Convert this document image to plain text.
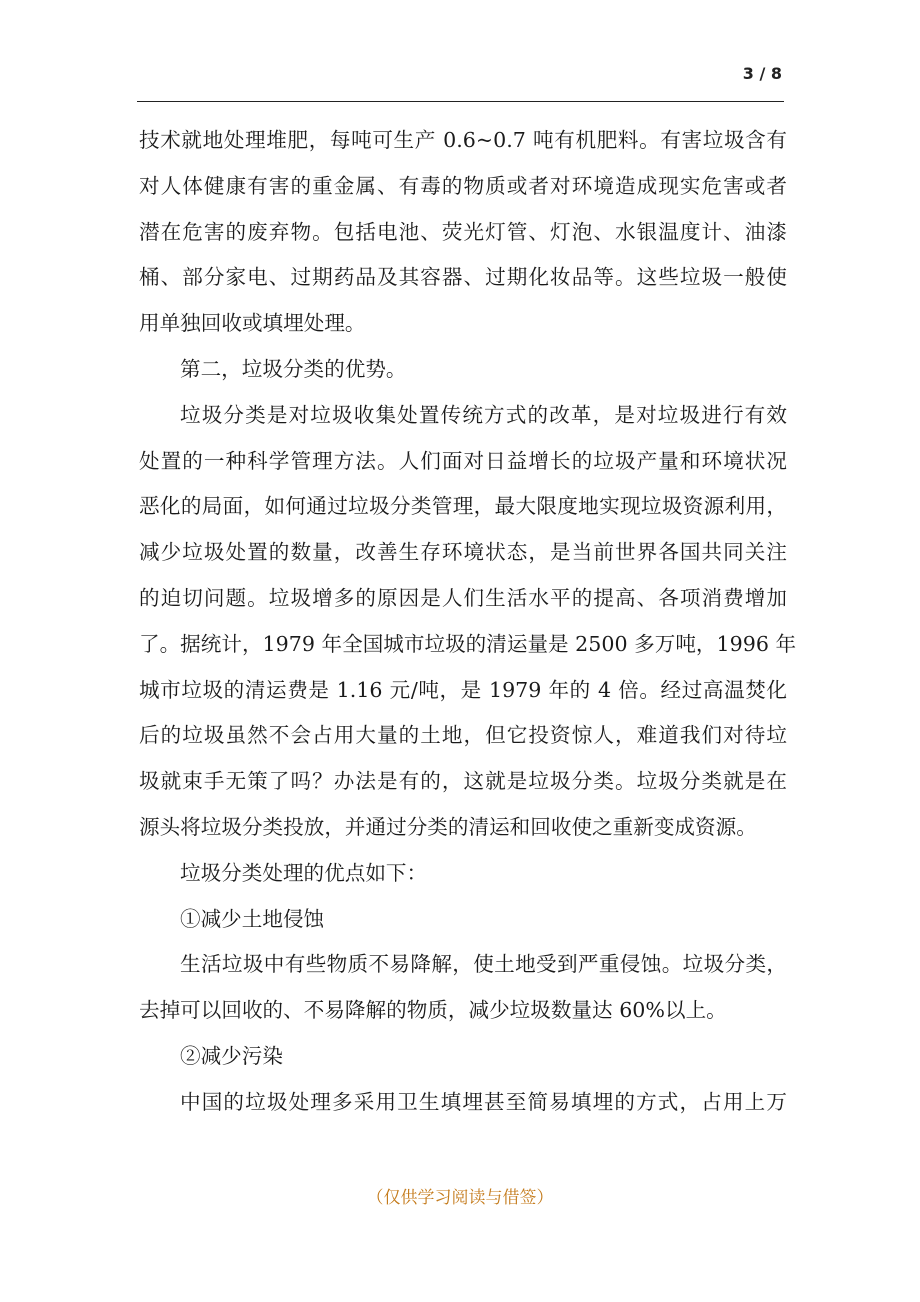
3 / 8
技术就地处理堆肥，每吨可生产 0.6~0.7 吨有机肥料。有害垃圾含有
对人体健康有害的重金属、有毒的物质或者对环境造成现实危害或者
潜在危害的废弃物。包括电池、荧光灯管、灯泡、水银温度计、油漆
桶、部分家电、过期药品及其容器、过期化妆品等。这些垃圾一般使
用单独回收或填埋处理。
第二，垃圾分类的优势。
垃圾分类是对垃圾收集处置传统方式的改革，是对垃圾进行有效
处置的一种科学管理方法。人们面对日益增长的垃圾产量和环境状况
恶化的局面，如何通过垃圾分类管理，最大限度地实现垃圾资源利用，
减少垃圾处置的数量，改善生存环境状态，是当前世界各国共同关注
的迫切问题。垃圾增多的原因是人们生活水平的提高、各项消费增加
了。据统计，1979 年全国城市垃圾的清运量是 2500 多万吨，1996 年
城市垃圾的清运费是 1.16 元/吨，是 1979 年的 4 倍。经过高温焚化
后的垃圾虽然不会占用大量的土地，但它投资惊人，难道我们对待垃
圾就束手无策了吗？办法是有的，这就是垃圾分类。垃圾分类就是在
源头将垃圾分类投放，并通过分类的清运和回收使之重新变成资源。
垃圾分类处理的优点如下：
①减少土地侵蚀
生活垃圾中有些物质不易降解，使土地受到严重侵蚀。垃圾分类，
去掉可以回收的、不易降解的物质，减少垃圾数量达 60%以上。
②减少污染
中国的垃圾处理多采用卫生填埋甚至简易填埋的方式，占用上万
（仅供学习阅读与借签）
